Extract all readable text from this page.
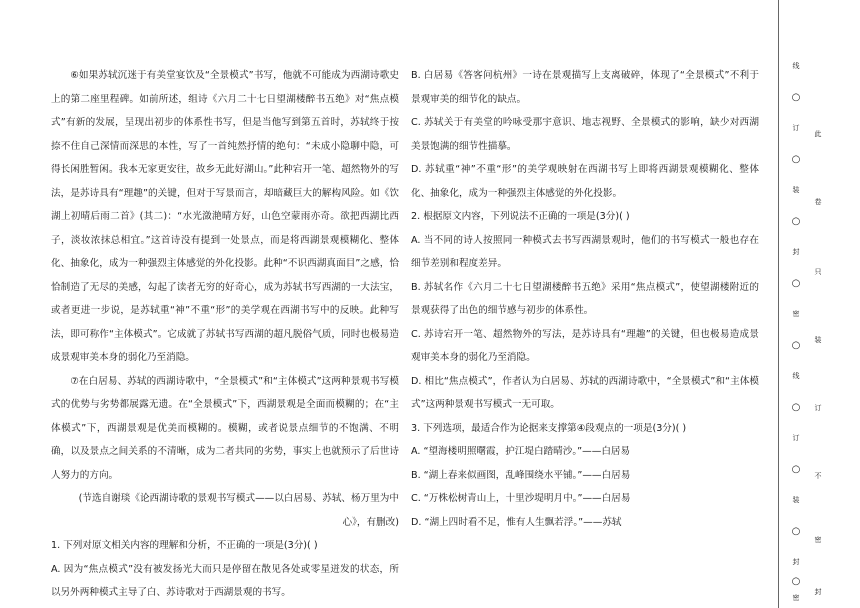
⑥如果苏轼沉迷于有美堂宴饮及“全景模式”书写，他就不可能成为西湖诗歌史上的第二座里程碑。如前所述，组诗《六月二十七日望湖楼醉书五绝》对“焦点模式”有新的发展，呈现出初步的体系性书写，但是当他写到第五首时，苏轼终于按捺不住自己深情而深思的本性，写了一首纯然抒情的绝句：“未成小隐聊中隐，可得长闲胜暂闲。我本无家更安往，故乡无此好湖山。”此种宕开一笔、超然物外的写法，是苏诗具有“理趣”的关键，但对于写景而言，却暗藏巨大的解构风险。如《饮湖上初晴后雨二首》(其二)：“水光潋滟晴方好，山色空蒙雨亦奇。欲把西湖比西子，淡妆浓抹总相宜。”这首诗没有提到一处景点，而是将西湖景观模糊化、整体化、抽象化，成为一种强烈主体感觉的外化投影。此种“不识西湖真面目”之感，恰恰制造了无尽的美感，勾起了读者无穷的好奇心，成为苏轼书写西湖的一大法宝，或者更进一步说，是苏轼重“神”不重“形”的美学观在西湖书写中的反映。此种写法，即可称作“主体模式”。它成就了苏轼书写西湖的超凡脱俗气质，同时也极易造成景观审美本身的弱化乃至消隐。

⑦在白居易、苏轼的西湖诗歌中，“全景模式”和“主体模式”这两种景观书写模式的优势与劣势都展露无遗。在“全景模式”下，西湖景观是全面而模糊的；在“主体模式”下，西湖景观是优美而模糊的。模糊，或者说景点细节的不饱满、不明确，以及景点之间关系的不清晰，成为二者共同的劣势，事实上也就预示了后世诗人努力的方向。

(节选自谢琰《论西湖诗歌的景观书写模式——以白居易、苏轼、杨万里为中心》，有删改)

1. 下列对原文相关内容的理解和分析，不正确的一项是(3分)( )

A. 因为“焦点模式”没有被发扬光大而只是停留在散见各处或零星迸发的状态，所以另外两种模式主导了白、苏诗歌对于西湖景观的书写。

B. 白居易《答客问杭州》一诗在景观描写上支离破碎，体现了“全景模式”不利于景观审美的细节化的缺点。

C. 苏轼关于有美堂的吟咏受那宇意识、地志视野、全景模式的影响，缺少对西湖美景饱满的细节性描摹。

D. 苏轼重“神”不重“形”的美学观映射在西湖书写上即将西湖景观模糊化、整体化、抽象化，成为一种强烈主体感觉的外化投影。

2. 根据原文内容，下列说法不正确的一项是(3分)( )

A. 当不同的诗人按照同一种模式去书写西湖景观时，他们的书写模式一般也存在细节差别和程度差异。

B. 苏轼名作《六月二十七日望湖楼醉书五绝》采用“焦点模式”，使望湖楼附近的景观获得了出色的细节感与初步的体系性。

C. 苏诗宕开一笔、超然物外的写法，是苏诗具有“理趣”的关键，但也极易造成景观审美本身的弱化乃至消隐。

D. 相比“焦点模式”，作者认为白居易、苏轼的西湖诗歌中，“全景模式”和“主体模式”这两种景观书写模式一无可取。

3. 下列选项，最适合作为论据来支撑第④段观点的一项是(3分)( )

A. “望海楼明照曙霞，护江堤白踏晴沙。”——白居易

B. “湖上春来似画图，乱峰围绕水平铺。”——白居易

C. “万株松树青山上，十里沙堤明月中。”——白居易

D. “湖上四时看不足，惟有人生飘若浮。”——苏轼

线
○
订
○
装
○
封
○
密
○
线
○
订
○
装
○
封
○
密
此
卷
只
装
订
不
密
封
